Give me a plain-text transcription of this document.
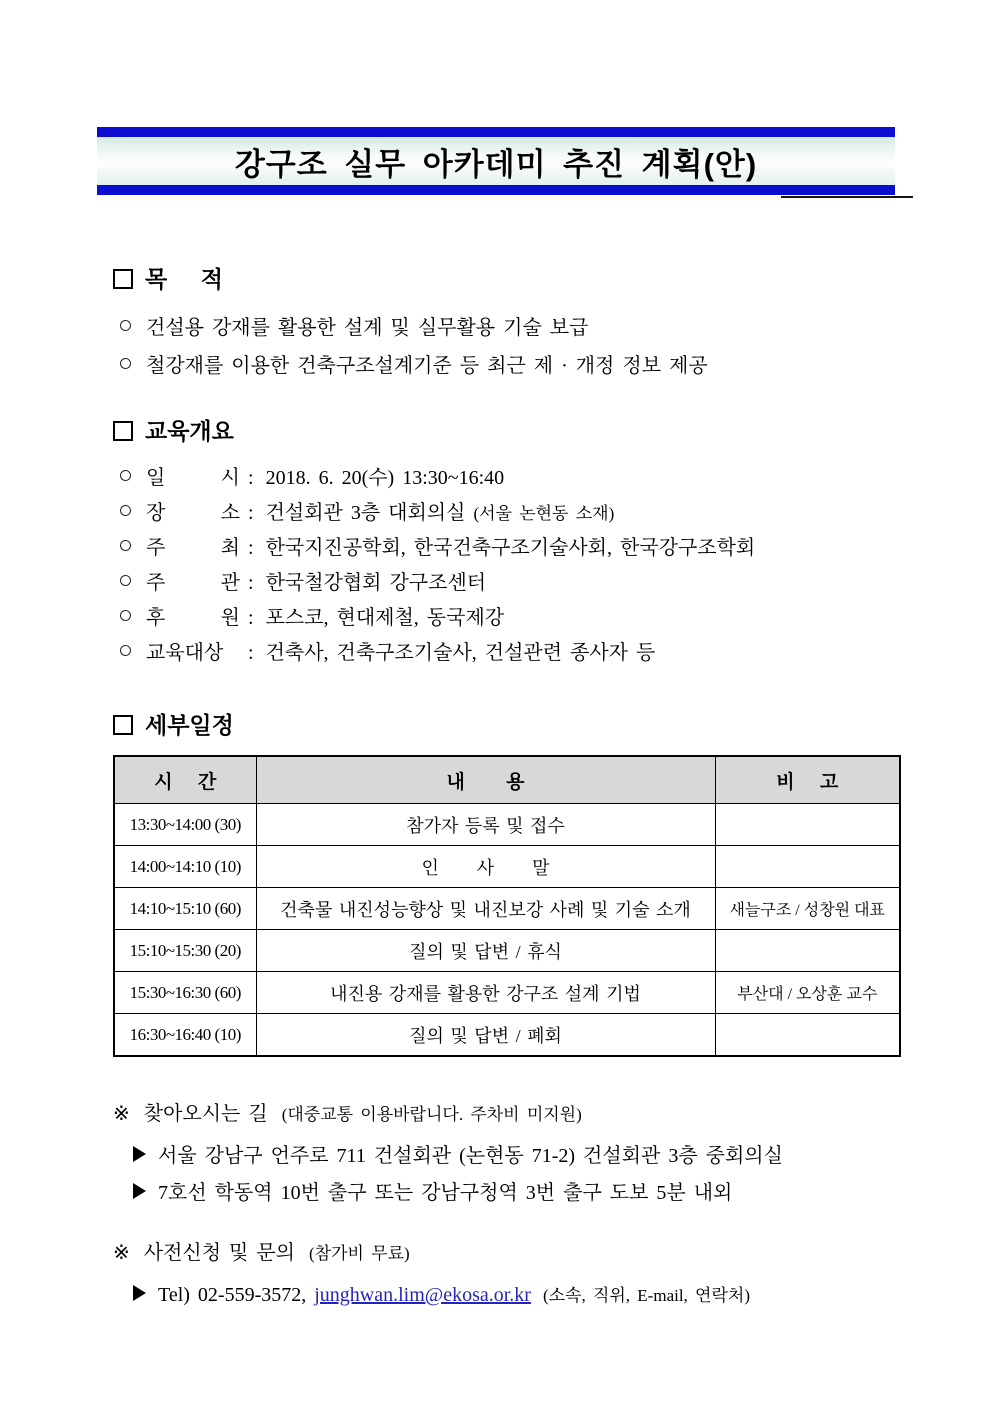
강구조 실무 아카데미 추진 계획(안)
목 적
건설용 강재를 활용한 설계 및 실무활용 기술 보급
철강재를 이용한 건축구조설계기준 등 최근 제 · 개정 정보 제공
교육개요
일 시 : 2018. 6. 20(수) 13:30~16:40
장 소 : 건설회관 3층 대회의실 (서울 논현동 소재)
주 최 : 한국지진공학회, 한국건축구조기술사회, 한국강구조학회
주 관 : 한국철강협회 강구조센터
후 원 : 포스코, 현대제철, 동국제강
교육대상 : 건축사, 건축구조기술사, 건설관련 종사자 등
세부일정
시 간	내 용	비 고
13:30~14:00 (30)	참가자 등록 및 접수	
14:00~14:10 (10)	인 사 말	
14:10~15:10 (60)	건축물 내진성능향상 및 내진보강 사례 및 기술 소개	새늘구조 / 성창원 대표
15:10~15:30 (20)	질의 및 답변 / 휴식	
15:30~16:30 (60)	내진용 강재를 활용한 강구조 설계 기법	부산대 / 오상훈 교수
16:30~16:40 (10)	질의 및 답변 / 폐회	
※ 찾아오시는 길 (대중교통 이용바랍니다. 주차비 미지원)
서울 강남구 언주로 711 건설회관 (논현동 71-2) 건설회관 3층 중회의실
7호선 학동역 10번 출구 또는 강남구청역 3번 출구 도보 5분 내외
※ 사전신청 및 문의 (참가비 무료)
Tel) 02-559-3572, junghwan.lim@ekosa.or.kr (소속, 직위, E-mail, 연락처)
